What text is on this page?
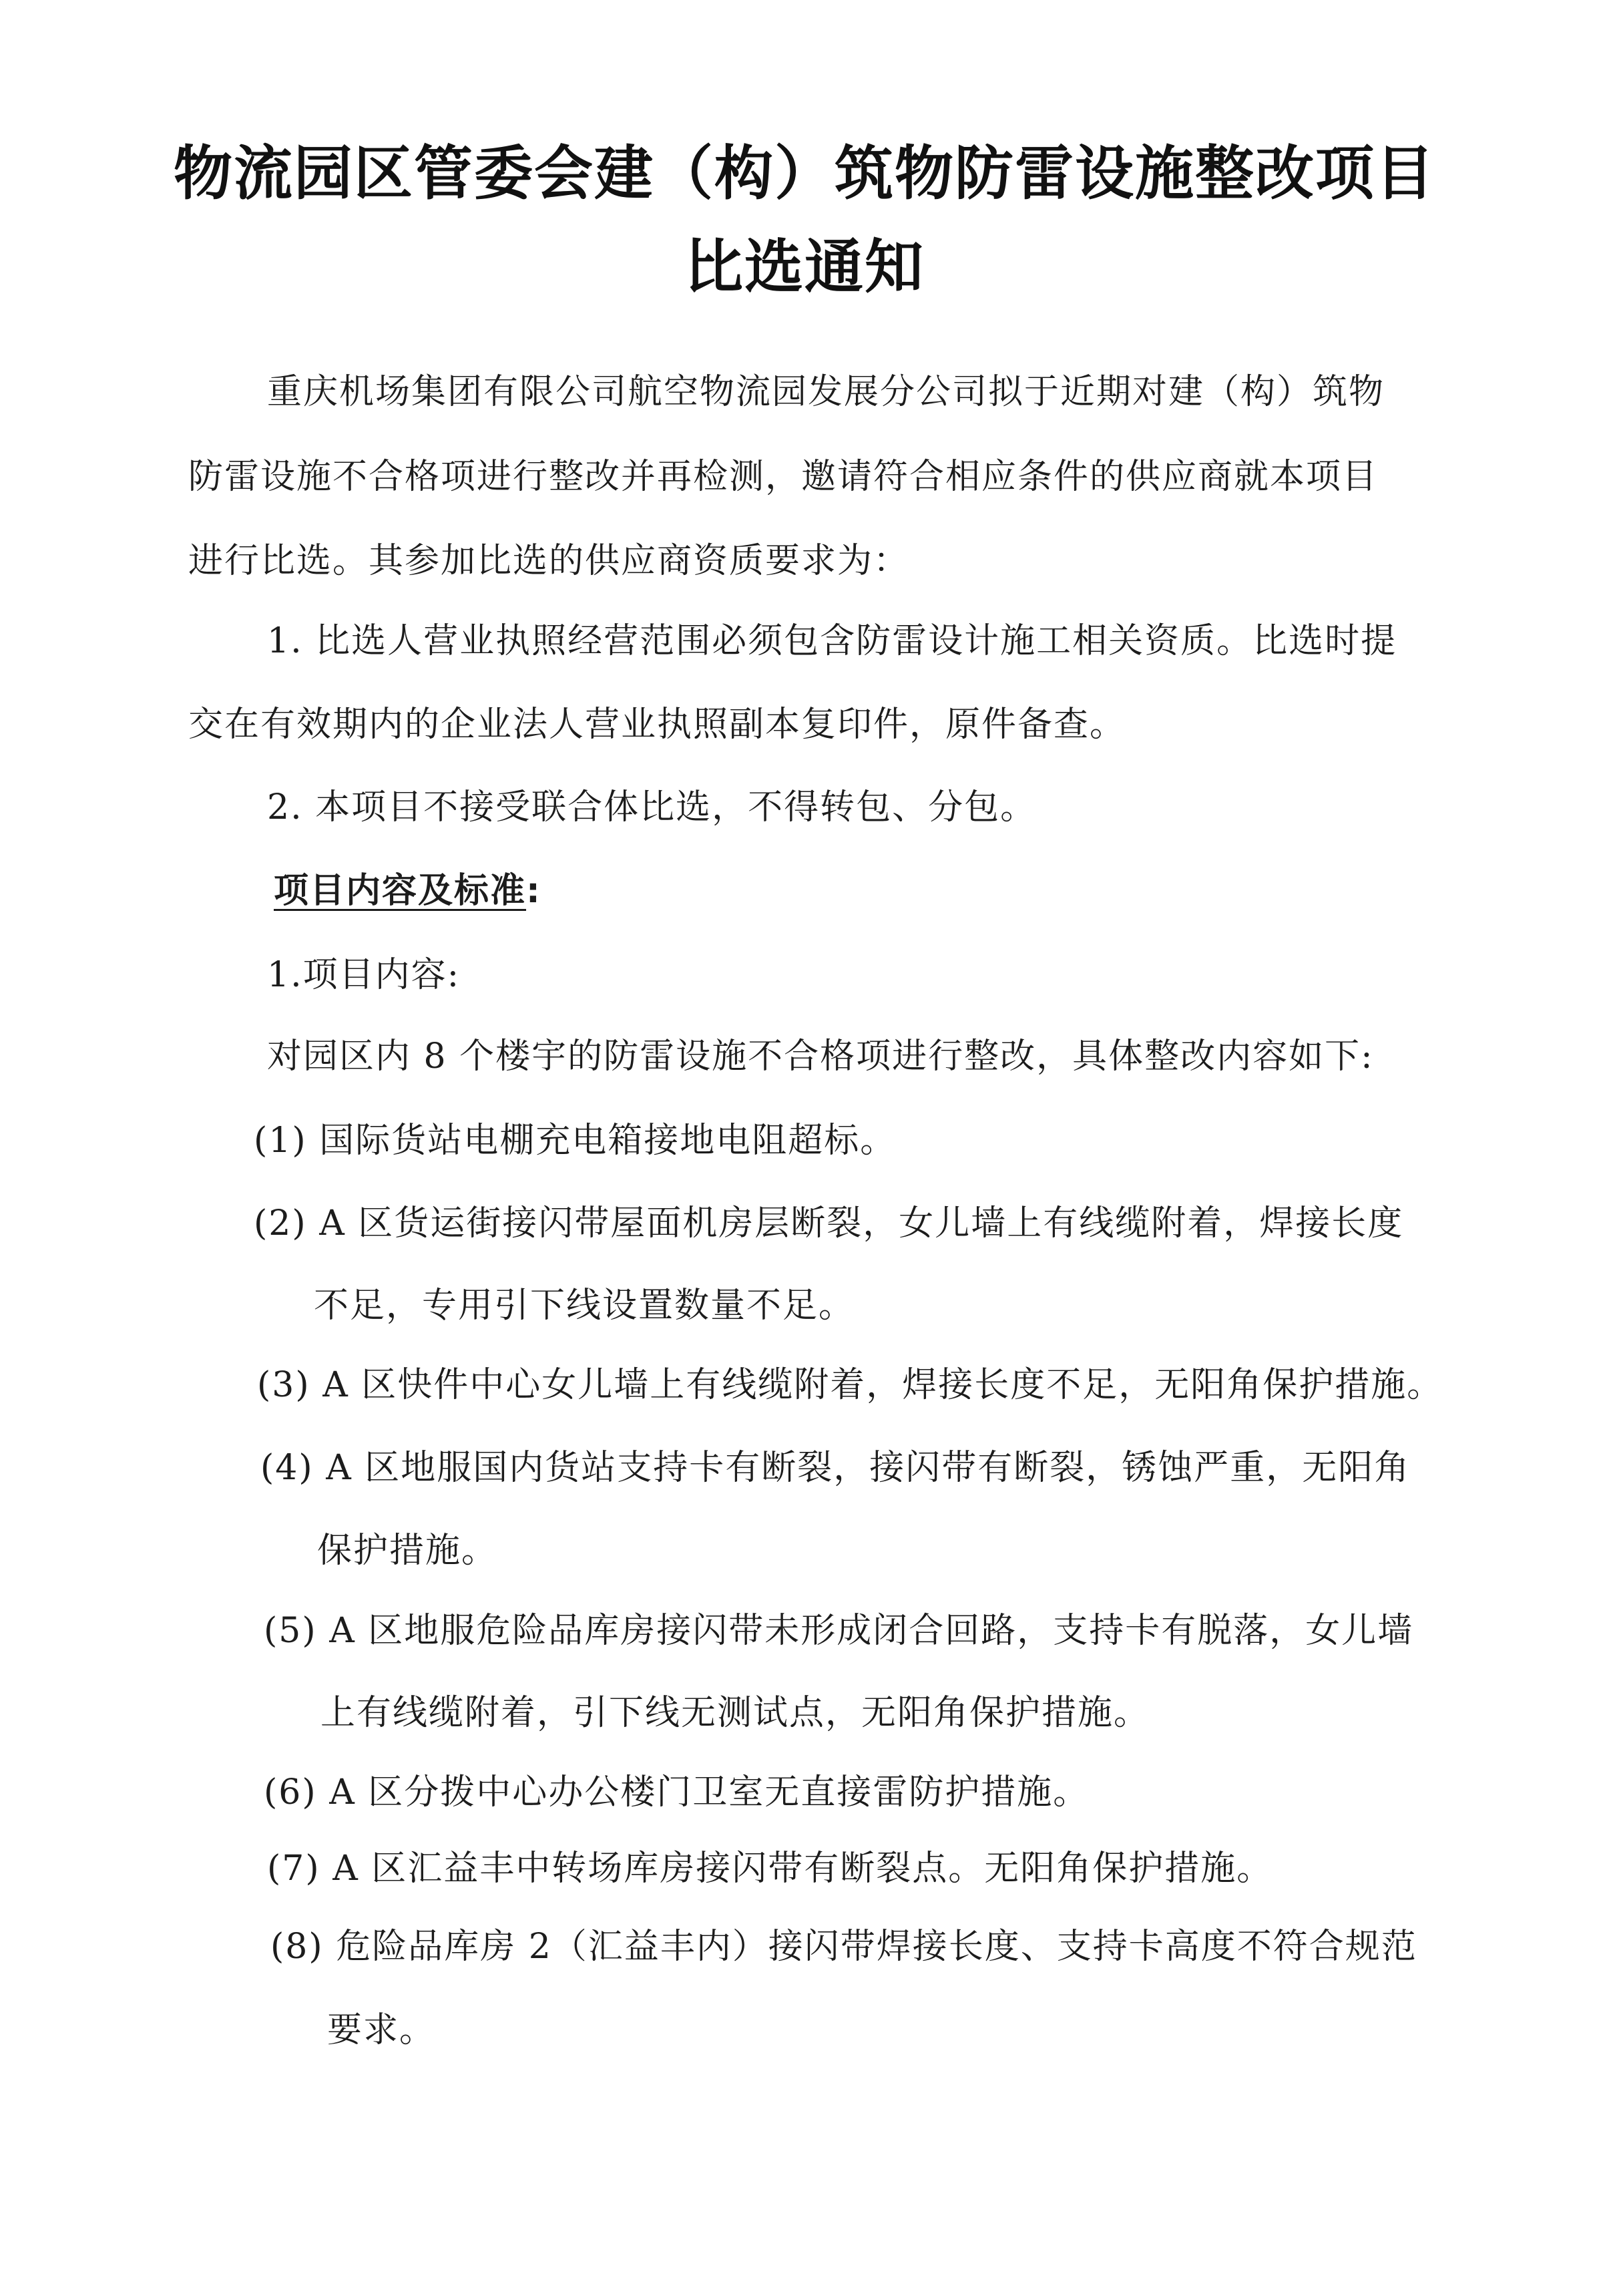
物流园区管委会建（构）筑物防雷设施整改项目
比选通知
重庆机场集团有限公司航空物流园发展分公司拟于近期对建（构）筑物
防雷设施不合格项进行整改并再检测，邀请符合相应条件的供应商就本项目
进行比选。其参加比选的供应商资质要求为：
1. 比选人营业执照经营范围必须包含防雷设计施工相关资质。比选时提
交在有效期内的企业法人营业执照副本复印件，原件备查。
2. 本项目不接受联合体比选，不得转包、分包。
项目内容及标准:
1.项目内容:
对园区内 8 个楼宇的防雷设施不合格项进行整改，具体整改内容如下:
(1) 国际货站电棚充电箱接地电阻超标。
(2) A 区货运街接闪带屋面机房层断裂，女儿墙上有线缆附着，焊接长度
不足，专用引下线设置数量不足。
(3) A 区快件中心女儿墙上有线缆附着，焊接长度不足，无阳角保护措施。
(4) A 区地服国内货站支持卡有断裂，接闪带有断裂，锈蚀严重，无阳角
保护措施。
(5) A 区地服危险品库房接闪带未形成闭合回路，支持卡有脱落，女儿墙
上有线缆附着，引下线无测试点，无阳角保护措施。
(6) A 区分拨中心办公楼门卫室无直接雷防护措施。
(7) A 区汇益丰中转场库房接闪带有断裂点。无阳角保护措施。
(8) 危险品库房 2（汇益丰内）接闪带焊接长度、支持卡高度不符合规范
要求。
